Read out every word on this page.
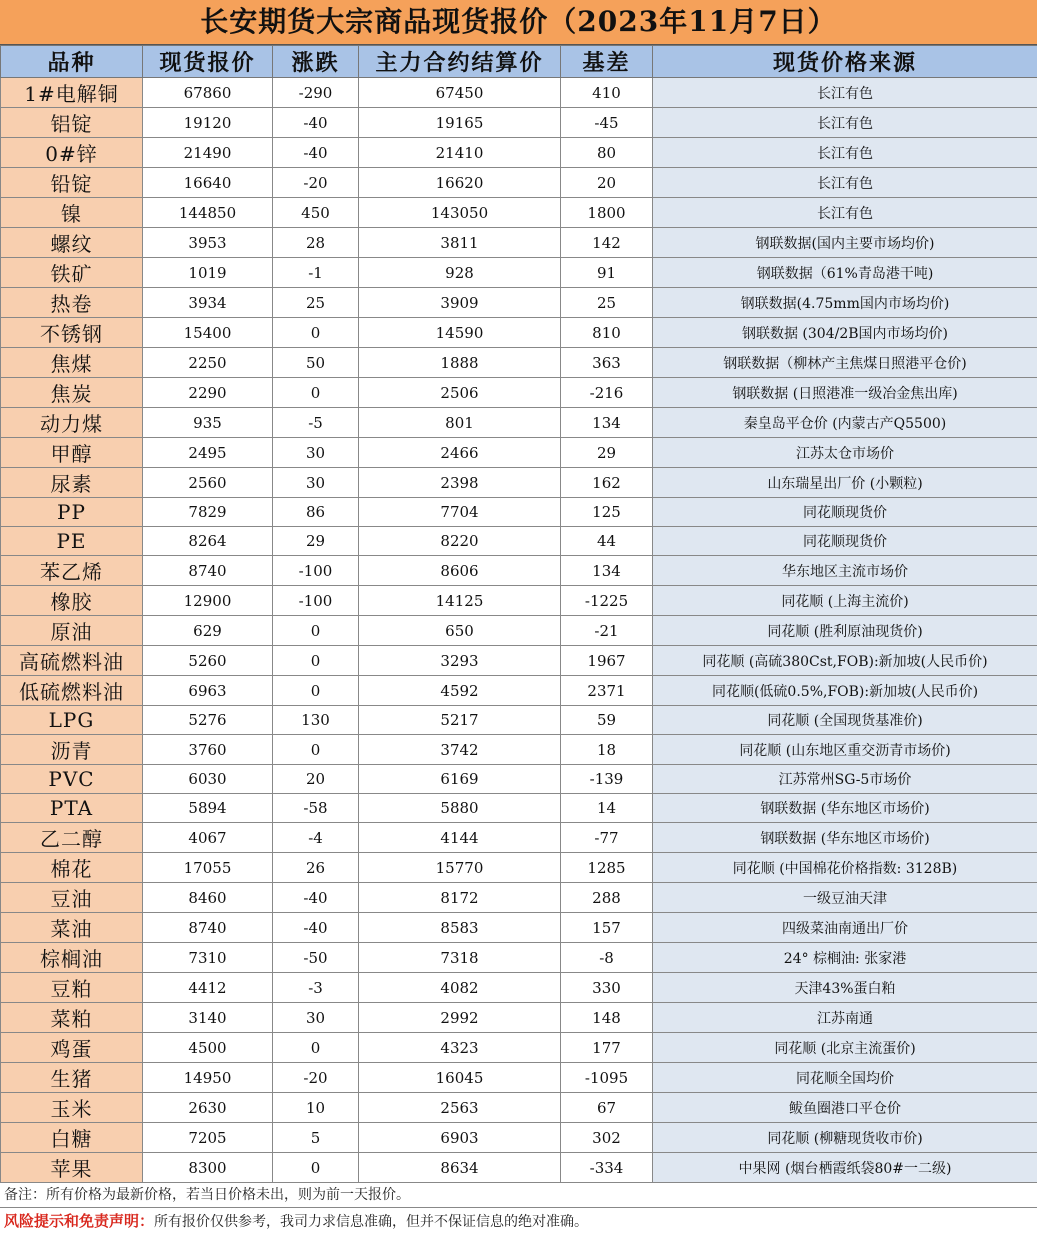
长安期货大宗商品现货报价（2023年11月7日）
品种	现货报价	涨跌	主力合约结算价	基差	现货价格来源
1#电解铜	67860	-290	67450	410	长江有色
铝锭	19120	-40	19165	-45	长江有色
0#锌	21490	-40	21410	80	长江有色
铅锭	16640	-20	16620	20	长江有色
镍	144850	450	143050	1800	长江有色
螺纹	3953	28	3811	142	钢联数据(国内主要市场均价)
铁矿	1019	-1	928	91	钢联数据（61%青岛港干吨)
热卷	3934	25	3909	25	钢联数据(4.75mm国内市场均价)
不锈钢	15400	0	14590	810	钢联数据 (304/2B国内市场均价)
焦煤	2250	50	1888	363	钢联数据（柳林产主焦煤日照港平仓价)
焦炭	2290	0	2506	-216	钢联数据 (日照港准一级冶金焦出库)
动力煤	935	-5	801	134	秦皇岛平仓价 (内蒙古产Q5500)
甲醇	2495	30	2466	29	江苏太仓市场价
尿素	2560	30	2398	162	山东瑞星出厂价 (小颗粒)
PP	7829	86	7704	125	同花顺现货价
PE	8264	29	8220	44	同花顺现货价
苯乙烯	8740	-100	8606	134	华东地区主流市场价
橡胶	12900	-100	14125	-1225	同花顺 (上海主流价)
原油	629	0	650	-21	同花顺 (胜利原油现货价)
高硫燃料油	5260	0	3293	1967	同花顺 (高硫380Cst,FOB):新加坡(人民币价)
低硫燃料油	6963	0	4592	2371	同花顺(低硫0.5%,FOB):新加坡(人民币价)
LPG	5276	130	5217	59	同花顺 (全国现货基准价)
沥青	3760	0	3742	18	同花顺 (山东地区重交沥青市场价)
PVC	6030	20	6169	-139	江苏常州SG-5市场价
PTA	5894	-58	5880	14	钢联数据 (华东地区市场价)
乙二醇	4067	-4	4144	-77	钢联数据 (华东地区市场价)
棉花	17055	26	15770	1285	同花顺 (中国棉花价格指数: 3128B)
豆油	8460	-40	8172	288	一级豆油天津
菜油	8740	-40	8583	157	四级菜油南通出厂价
棕榈油	7310	-50	7318	-8	24° 棕榈油: 张家港
豆粕	4412	-3	4082	330	天津43%蛋白粕
菜粕	3140	30	2992	148	江苏南通
鸡蛋	4500	0	4323	177	同花顺 (北京主流蛋价)
生猪	14950	-20	16045	-1095	同花顺全国均价
玉米	2630	10	2563	67	鲅鱼圈港口平仓价
白糖	7205	5	6903	302	同花顺 (柳糖现货收市价)
苹果	8300	0	8634	-334	中果网 (烟台栖霞纸袋80#一二级)
备注：所有价格为最新价格，若当日价格未出，则为前一天报价。
风险提示和免责声明：所有报价仅供参考，我司力求信息准确，但并不保证信息的绝对准确。
